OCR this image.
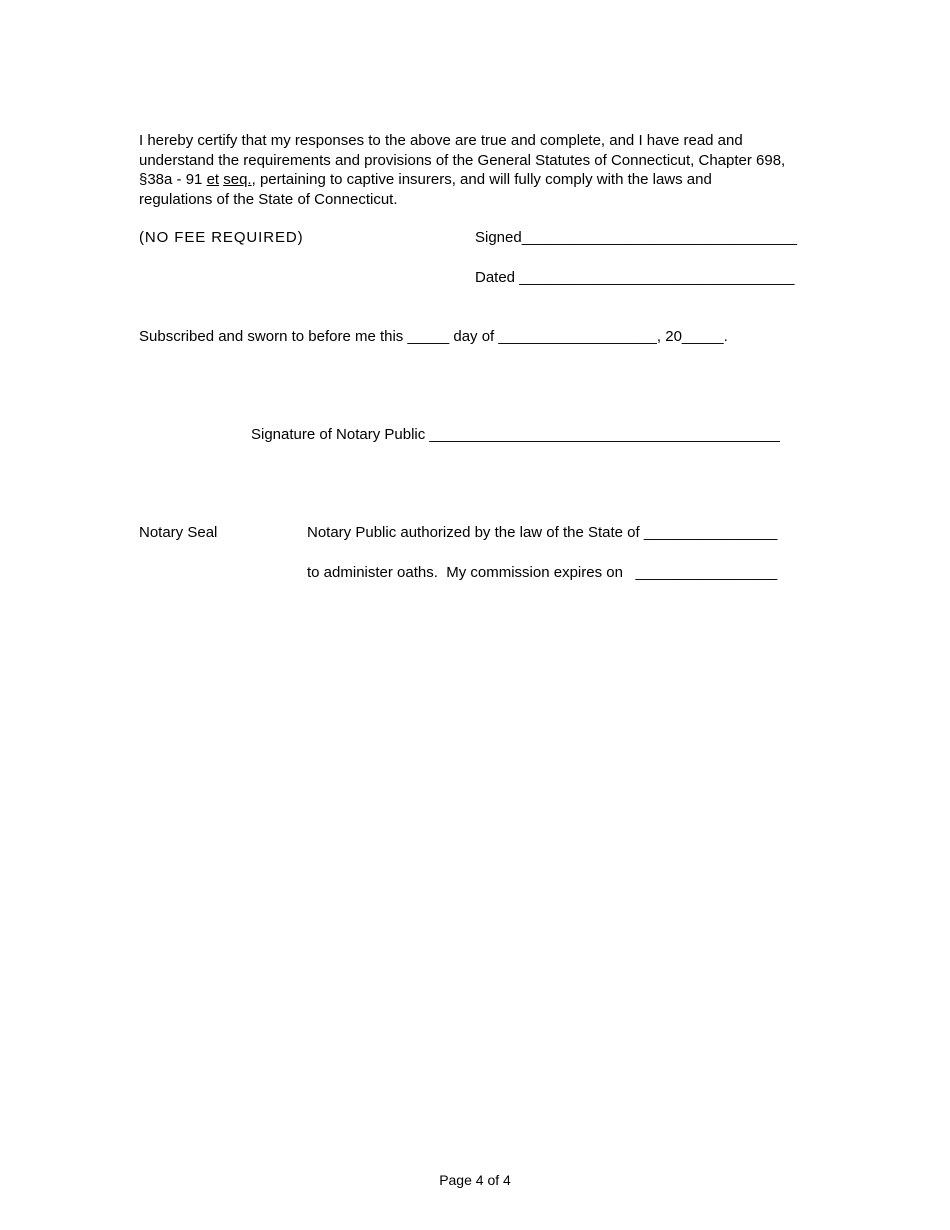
I hereby certify that my responses to the above are true and complete, and I have read and
understand the requirements and provisions of the General Statutes of Connecticut, Chapter 698,
§38a - 91 et seq., pertaining to captive insurers, and will fully comply with the laws and
regulations of the State of Connecticut.
(NO FEE REQUIRED)	Signed_________________________________
Dated _________________________________
Subscribed and sworn to before me this _____ day of ___________________, 20_____.
Signature of Notary Public __________________________________________
Notary Seal	Notary Public authorized by the law of the State of ________________
to administer oaths.  My commission expires on   _________________
Page 4 of 4
